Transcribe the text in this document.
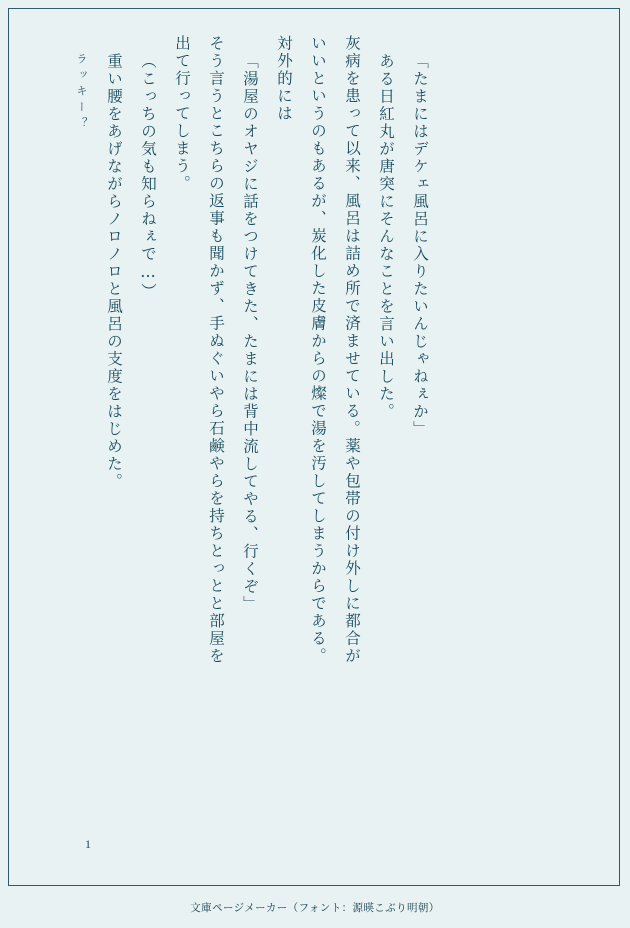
ラッキー？	重い腰をあげながらノロノロと風呂の支度をはじめた。	（こっちの気も知らねぇで…）	出て行ってしまう。	そう言うとこちらの返事も聞かず、手ぬぐいやら石鹸やらを持ちとっとと部屋を	「湯屋のオヤジに話をつけてきた、たまには背中流してやる、行くぞ」	対外的には	いいというのもあるが、炭化した皮膚からの燦で湯を汚してしまうからである。	灰病を患って以来、風呂は詰め所で済ませている。薬や包帯の付け外しに都合が	ある日紅丸が唐突にそんなことを言い出した。	「たまにはデケェ風呂に入りたいんじゃねぇか」
1
文庫ページメーカー（フォント：源暎こぶり明朝）
